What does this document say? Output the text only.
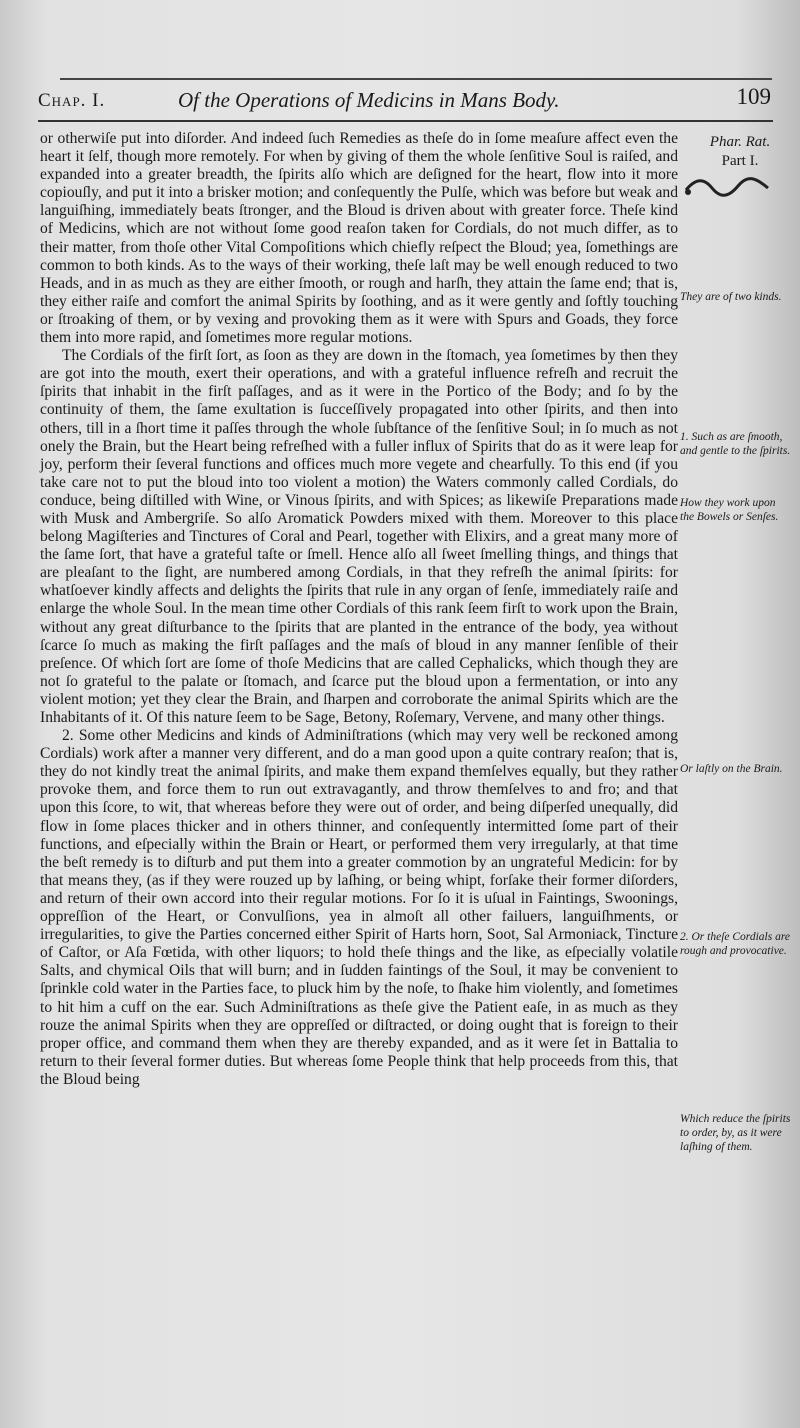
Chap. I.	Of the Operations of Medicins in Mans Body.	109
Phar. Rat.
Part I.

or otherwiſe put into diſorder. And indeed ſuch Remedies as theſe do in ſome meaſure affect even the heart it ſelf, though more remotely. For when by giving of them the whole ſenſitive Soul is raiſed, and expanded into a greater breadth, the ſpirits alſo which are deſigned for the heart, flow into it more copiouſly, and put it into a brisker motion; and conſequently the Pulſe, which was before but weak and languiſhing, immediately beats ſtronger, and the Bloud is driven about with greater force. Theſe kind of Medicins, which are not without ſome good reaſon taken for Cordials, do not much differ, as to their matter, from thoſe other Vital Compoſitions which chiefly reſpect the Bloud; yea, ſomethings are common to both kinds. As to the ways of their working, theſe laſt may be well enough reduced to two Heads, and in as much as they are either ſmooth, or rough and harſh, they attain the ſame end; that is, they either raiſe and comfort the animal Spirits by ſoothing, and as it were gently and ſoftly touching or ſtroaking of them, or by vexing and provoking them as it were with Spurs and Goads, they force them into more rapid, and ſometimes more regular motions.

The Cordials of the firſt ſort, as ſoon as they are down in the ſtomach, yea ſometimes by then they are got into the mouth, exert their operations, and with a grateful influence refreſh and recruit the ſpirits that inhabit in the firſt paſſages, and as it were in the Portico of the Body; and ſo by the continuity of them, the ſame exultation is ſucceſſively propagated into other ſpirits, and then into others, till in a ſhort time it paſſes through the whole ſubſtance of the ſenſitive Soul; in ſo much as not onely the Brain, but the Heart being refreſhed with a fuller influx of Spirits that do as it were leap for joy, perform their ſeveral functions and offices much more vegete and chearfully. To this end (if you take care not to put the bloud into too violent a motion) the Waters commonly called Cordials, do conduce, being diſtilled with Wine, or Vinous ſpirits, and with Spices; as likewiſe Preparations made with Musk and Ambergriſe. So alſo Aromatick Powders mixed with them. Moreover to this place belong Magiſteries and Tinctures of Coral and Pearl, together with Elixirs, and a great many more of the ſame ſort, that have a grateful taſte or ſmell. Hence alſo all ſweet ſmelling things, and things that are pleaſant to the ſight, are numbered among Cordials, in that they refreſh the animal ſpirits: for whatſoever kindly affects and delights the ſpirits that rule in any organ of ſenſe, immediately raiſe and enlarge the whole Soul. In the mean time other Cordials of this rank ſeem firſt to work upon the Brain, without any great diſturbance to the ſpirits that are planted in the entrance of the body, yea without ſcarce ſo much as making the firſt paſſages and the maſs of bloud in any manner ſenſible of their preſence. Of which ſort are ſome of thoſe Medicins that are called Cephalicks, which though they are not ſo grateful to the palate or ſtomach, and ſcarce put the bloud upon a fermentation, or into any violent motion; yet they clear the Brain, and ſharpen and corroborate the animal Spirits which are the Inhabitants of it. Of this nature ſeem to be Sage, Betony, Roſemary, Vervene, and many other things.

2. Some other Medicins and kinds of Adminiſtrations (which may very well be reckoned among Cordials) work after a manner very different, and do a man good upon a quite contrary reaſon; that is, they do not kindly treat the animal ſpirits, and make them expand themſelves equally, but they rather provoke them, and force them to run out extravagantly, and throw themſelves to and fro; and that upon this ſcore, to wit, that whereas before they were out of order, and being diſperſed unequally, did flow in ſome places thicker and in others thinner, and conſequently intermitted ſome part of their functions, and eſpecially within the Brain or Heart, or performed them very irregularly, at that time the beſt remedy is to diſturb and put them into a greater commotion by an ungrateful Medicin: for by that means they, (as if they were rouzed up by laſhing, or being whipt, forſake their former diſorders, and return of their own accord into their regular motions. For ſo it is uſual in Faintings, Swoonings, oppreſſion of the Heart, or Convulſions, yea in almoſt all other failuers, languiſhments, or irregularities, to give the Parties concerned either Spirit of Harts horn, Soot, Sal Armoniack, Tincture of Caſtor, or Aſa Fœtida, with other liquors; to hold theſe things and the like, as eſpecially volatile Salts, and chymical Oils that will burn; and in ſudden faintings of the Soul, it may be convenient to ſprinkle cold water in the Parties face, to pluck him by the noſe, to ſhake him violently, and ſometimes to hit him a cuff on the ear. Such Adminiſtrations as theſe give the Patient eaſe, in as much as they rouze the animal Spirits when they are oppreſſed or diſtracted, or doing ought that is foreign to their proper office, and command them when they are thereby expanded, and as it were ſet in Battalia to return to their ſeveral former duties. But whereas ſome People think that help proceeds from this, that the Bloud being

They are of two kinds.
1. Such as are ſmooth, and gentle to the ſpirits.
How they work upon the Bowels or Senſes.
Or laſtly on the Brain.
2. Or theſe Cordials are rough and provocative.
Which reduce the ſpirits to order, by, as it were laſhing of them.
